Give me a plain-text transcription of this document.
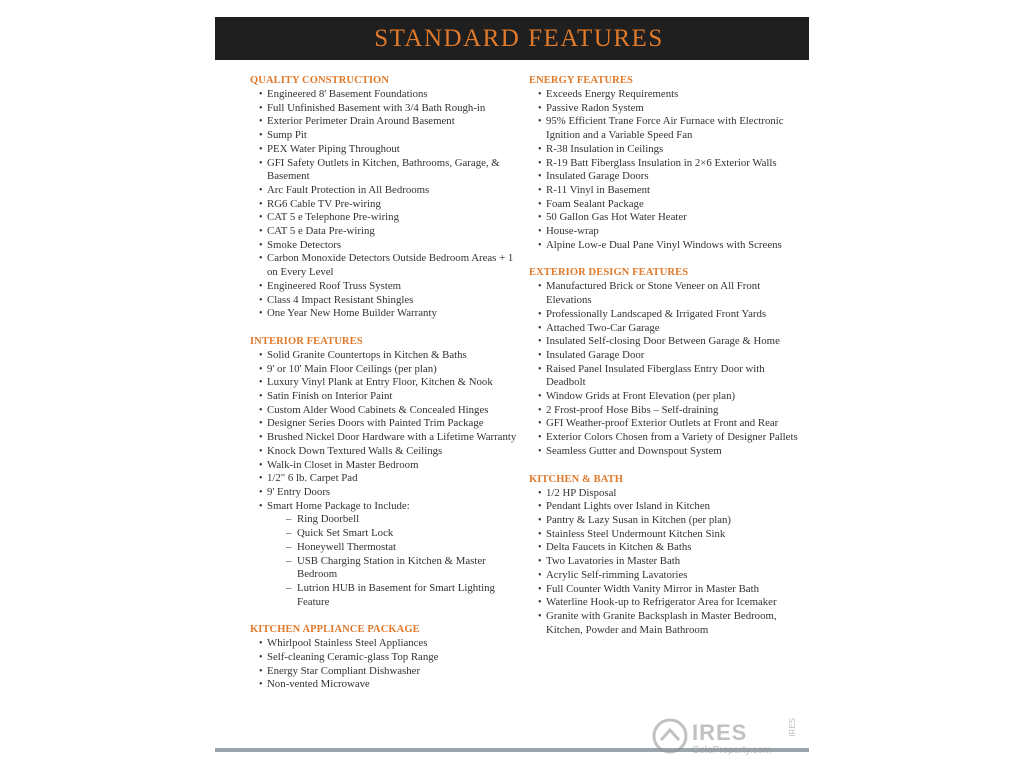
STANDARD FEATURES
QUALITY CONSTRUCTION
• Engineered 8' Basement Foundations
• Full Unfinished Basement with 3/4 Bath Rough-in
• Exterior Perimeter Drain Around Basement
• Sump Pit
• PEX Water Piping Throughout
• GFI Safety Outlets in Kitchen, Bathrooms, Garage, & Basement
• Arc Fault Protection in All Bedrooms
• RG6 Cable TV Pre-wiring
• CAT 5 e Telephone Pre-wiring
• CAT 5 e Data Pre-wiring
• Smoke Detectors
• Carbon Monoxide Detectors Outside Bedroom Areas + 1 on Every Level
• Engineered Roof Truss System
• Class 4 Impact Resistant Shingles
• One Year New Home Builder Warranty
INTERIOR FEATURES
• Solid Granite Countertops in Kitchen & Baths
• 9' or 10' Main Floor Ceilings (per plan)
• Luxury Vinyl Plank at Entry Floor, Kitchen & Nook
• Satin Finish on Interior Paint
• Custom Alder Wood Cabinets & Concealed Hinges
• Designer Series Doors with Painted Trim Package
• Brushed Nickel Door Hardware with a Lifetime Warranty
• Knock Down Textured Walls & Ceilings
• Walk-in Closet in Master Bedroom
• 1/2" 6 lb. Carpet Pad
• 9' Entry Doors
• Smart Home Package to Include:
– Ring Doorbell
– Quick Set Smart Lock
– Honeywell Thermostat
– USB Charging Station in Kitchen & Master Bedroom
– Lutrion HUB in Basement for Smart Lighting Feature
KITCHEN APPLIANCE PACKAGE
• Whirlpool Stainless Steel Appliances
• Self-cleaning Ceramic-glass Top Range
• Energy Star Compliant Dishwasher
• Non-vented Microwave
ENERGY FEATURES
• Exceeds Energy Requirements
• Passive Radon System
• 95% Efficient Trane Force Air Furnace with Electronic Ignition and a Variable Speed Fan
• R-38 Insulation in Ceilings
• R-19 Batt Fiberglass Insulation in 2×6 Exterior Walls
• Insulated Garage Doors
• R-11 Vinyl in Basement
• Foam Sealant Package
• 50 Gallon Gas Hot Water Heater
• House-wrap
• Alpine Low-e Dual Pane Vinyl Windows with Screens
EXTERIOR DESIGN FEATURES
• Manufactured Brick or Stone Veneer on All Front Elevations
• Professionally Landscaped & Irrigated Front Yards
• Attached Two-Car Garage
• Insulated Self-closing Door Between Garage & Home
• Insulated Garage Door
• Raised Panel Insulated Fiberglass Entry Door with Deadbolt
• Window Grids at Front Elevation (per plan)
• 2 Frost-proof Hose Bibs – Self-draining
• GFI Weather-proof Exterior Outlets at Front and Rear
• Exterior Colors Chosen from a Variety of Designer Pallets
• Seamless Gutter and Downspout System
KITCHEN & BATH
• 1/2 HP Disposal
• Pendant Lights over Island in Kitchen
• Pantry & Lazy Susan in Kitchen (per plan)
• Stainless Steel Undermount Kitchen Sink
• Delta Faucets in Kitchen & Baths
• Two Lavatories in Master Bath
• Acrylic Self-rimming Lavatories
• Full Counter Width Vanity Mirror in Master Bath
• Waterline Hook-up to Refrigerator Area for Icemaker
• Granite with Granite Backsplash in Master Bedroom, Kitchen, Powder and Main Bathroom
IRES
ColoProperty.com
IRES
